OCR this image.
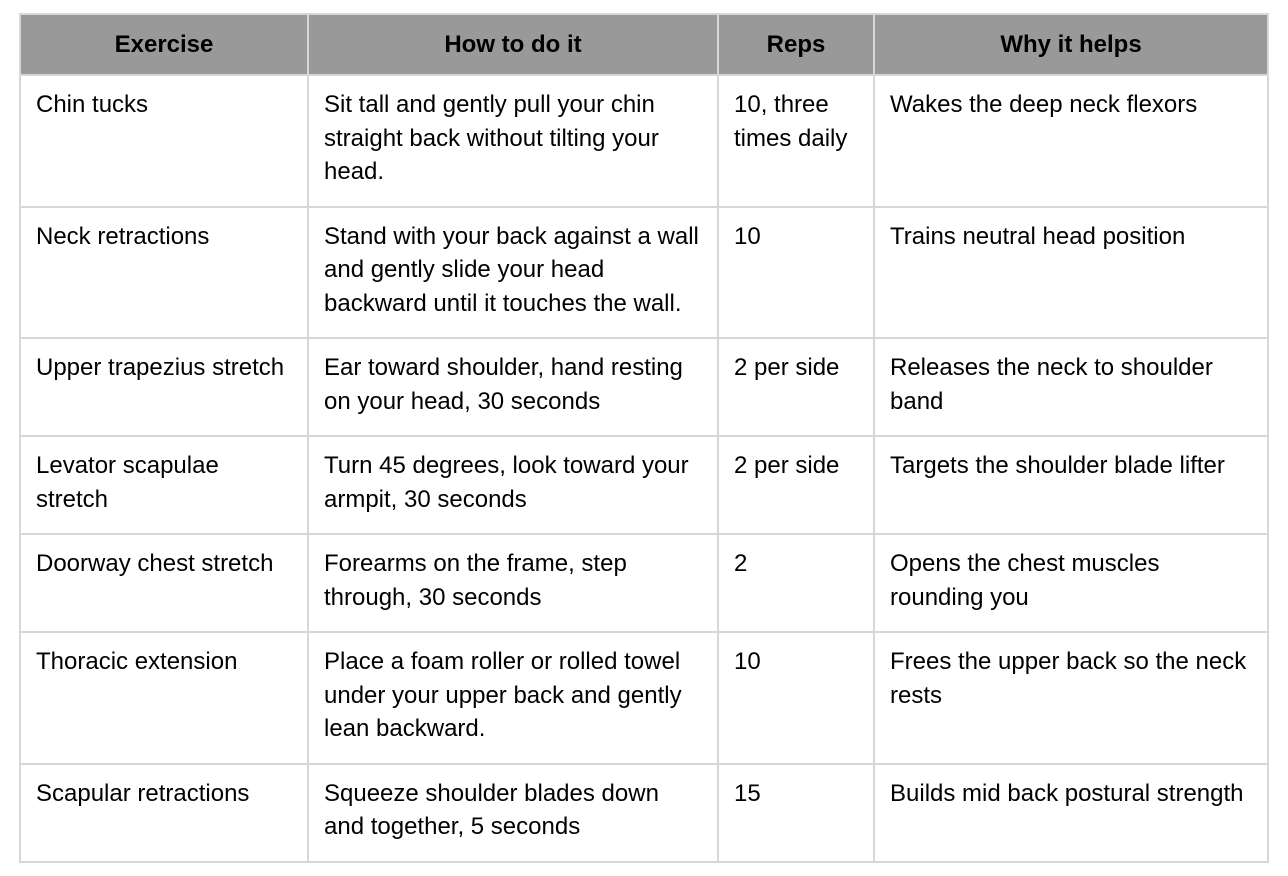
Exercise	How to do it	Reps	Why it helps
Chin tucks	Sit tall and gently pull your chin straight back without tilting your head.	10, three times daily	Wakes the deep neck flexors
Neck retractions	Stand with your back against a wall and gently slide your head backward until it touches the wall.	10	Trains neutral head position
Upper trapezius stretch	Ear toward shoulder, hand resting on your head, 30 seconds	2 per side	Releases the neck to shoulder band
Levator scapulae stretch	Turn 45 degrees, look toward your armpit, 30 seconds	2 per side	Targets the shoulder blade lifter
Doorway chest stretch	Forearms on the frame, step through, 30 seconds	2	Opens the chest muscles rounding you
Thoracic extension	Place a foam roller or rolled towel under your upper back and gently lean backward.	10	Frees the upper back so the neck rests
Scapular retractions	Squeeze shoulder blades down and together, 5 seconds	15	Builds mid back postural strength
